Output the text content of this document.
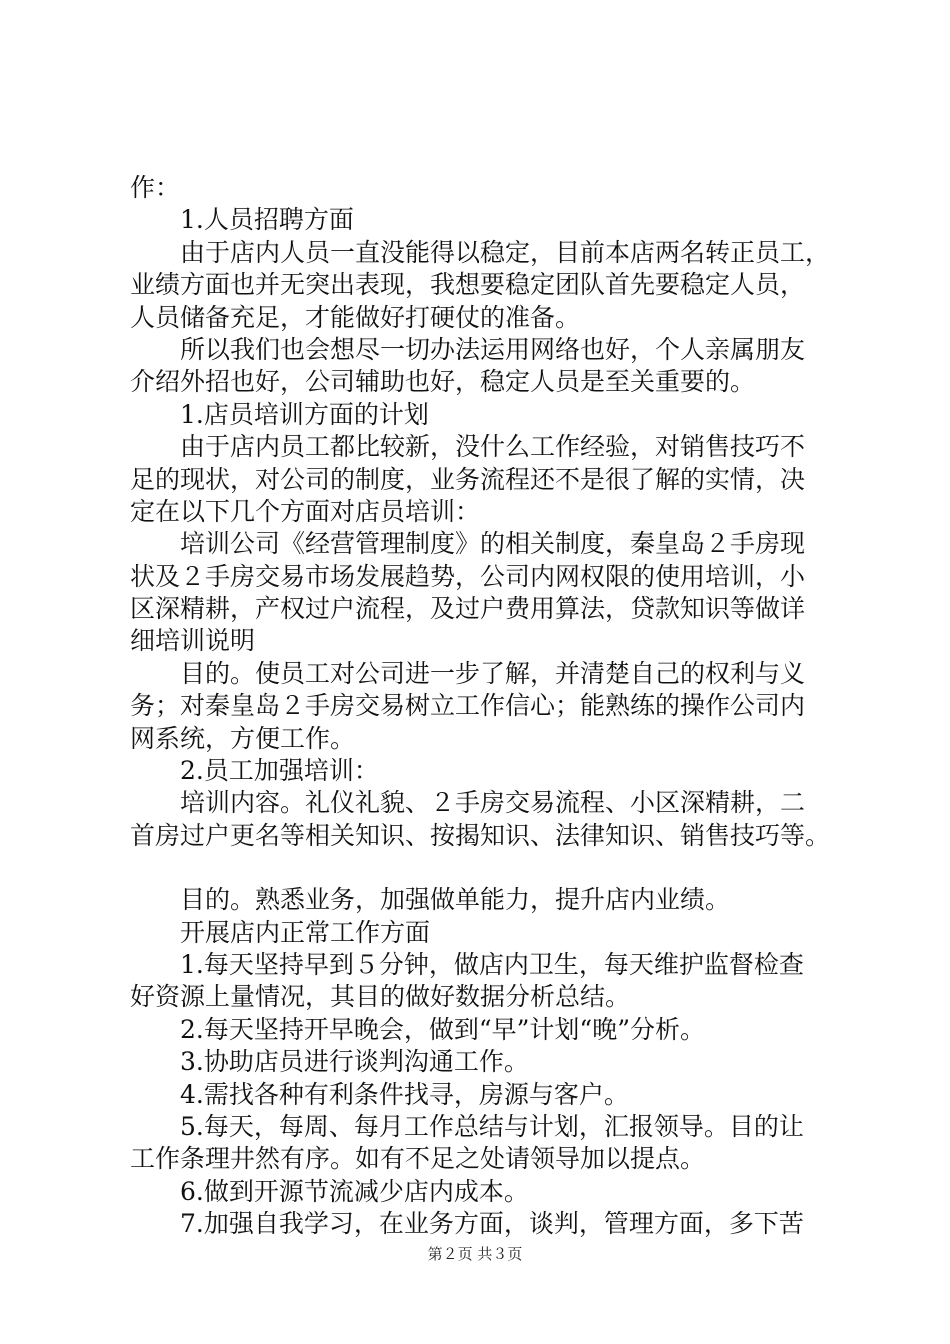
作：
1.人员招聘方面
由于店内人员一直没能得以稳定，目前本店两名转正员工，
业绩方面也并无突出表现，我想要稳定团队首先要稳定人员，
人员储备充足，才能做好打硬仗的准备。
所以我们也会想尽一切办法运用网络也好，个人亲属朋友
介绍外招也好，公司辅助也好，稳定人员是至关重要的。
1.店员培训方面的计划
由于店内员工都比较新，没什么工作经验，对销售技巧不
足的现状，对公司的制度，业务流程还不是很了解的实情，决
定在以下几个方面对店员培训：
培训公司《经营管理制度》的相关制度，秦皇岛２手房现
状及２手房交易市场发展趋势，公司内网权限的使用培训，小
区深精耕，产权过户流程，及过户费用算法，贷款知识等做详
细培训说明
目的。使员工对公司进一步了解，并清楚自己的权利与义
务；对秦皇岛２手房交易树立工作信心；能熟练的操作公司内
网系统，方便工作。
2.员工加强培训：
培训内容。礼仪礼貌、２手房交易流程、小区深精耕，二
首房过户更名等相关知识、按揭知识、法律知识、销售技巧等。
目的。熟悉业务，加强做单能力，提升店内业绩。
开展店内正常工作方面
1.每天坚持早到５分钟，做店内卫生，每天维护监督检查
好资源上量情况，其目的做好数据分析总结。
2.每天坚持开早晚会，做到“早”计划“晚”分析。
3.协助店员进行谈判沟通工作。
4.需找各种有利条件找寻，房源与客户。
5.每天，每周、每月工作总结与计划，汇报领导。目的让
工作条理井然有序。如有不足之处请领导加以提点。
6.做到开源节流减少店内成本。
7.加强自我学习，在业务方面，谈判，管理方面，多下苦
第２页 共３页
